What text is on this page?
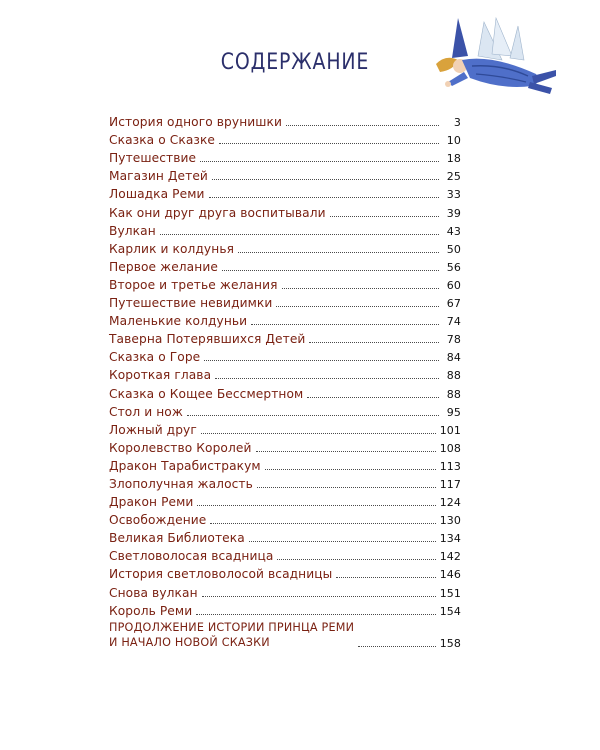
СОДЕРЖАНИЕ
История одного врунишки	3
Сказка о Сказке	10
Путешествие	18
Магазин Детей	25
Лошадка Реми	33
Как они друг друга воспитывали	39
Вулкан	43
Карлик и колдунья	50
Первое желание	56
Второе и третье желания	60
Путешествие невидимки	67
Маленькие колдуньи	74
Таверна Потерявшихся Детей	78
Сказка о Горе	84
Короткая глава	88
Сказка о Кощее Бессмертном	88
Стол и нож	95
Ложный друг	101
Королевство Королей	108
Дракон Тарабистракум	113
Злополучная жалость	117
Дракон Реми	124
Освобождение	130
Великая Библиотека	134
Светловолосая всадница	142
История светловолосой всадницы	146
Снова вулкан	151
Король Реми	154
ПРОДОЛЖЕНИЕ ИСТОРИИ ПРИНЦА РЕМИ
И НАЧАЛО НОВОЙ СКАЗКИ	158
